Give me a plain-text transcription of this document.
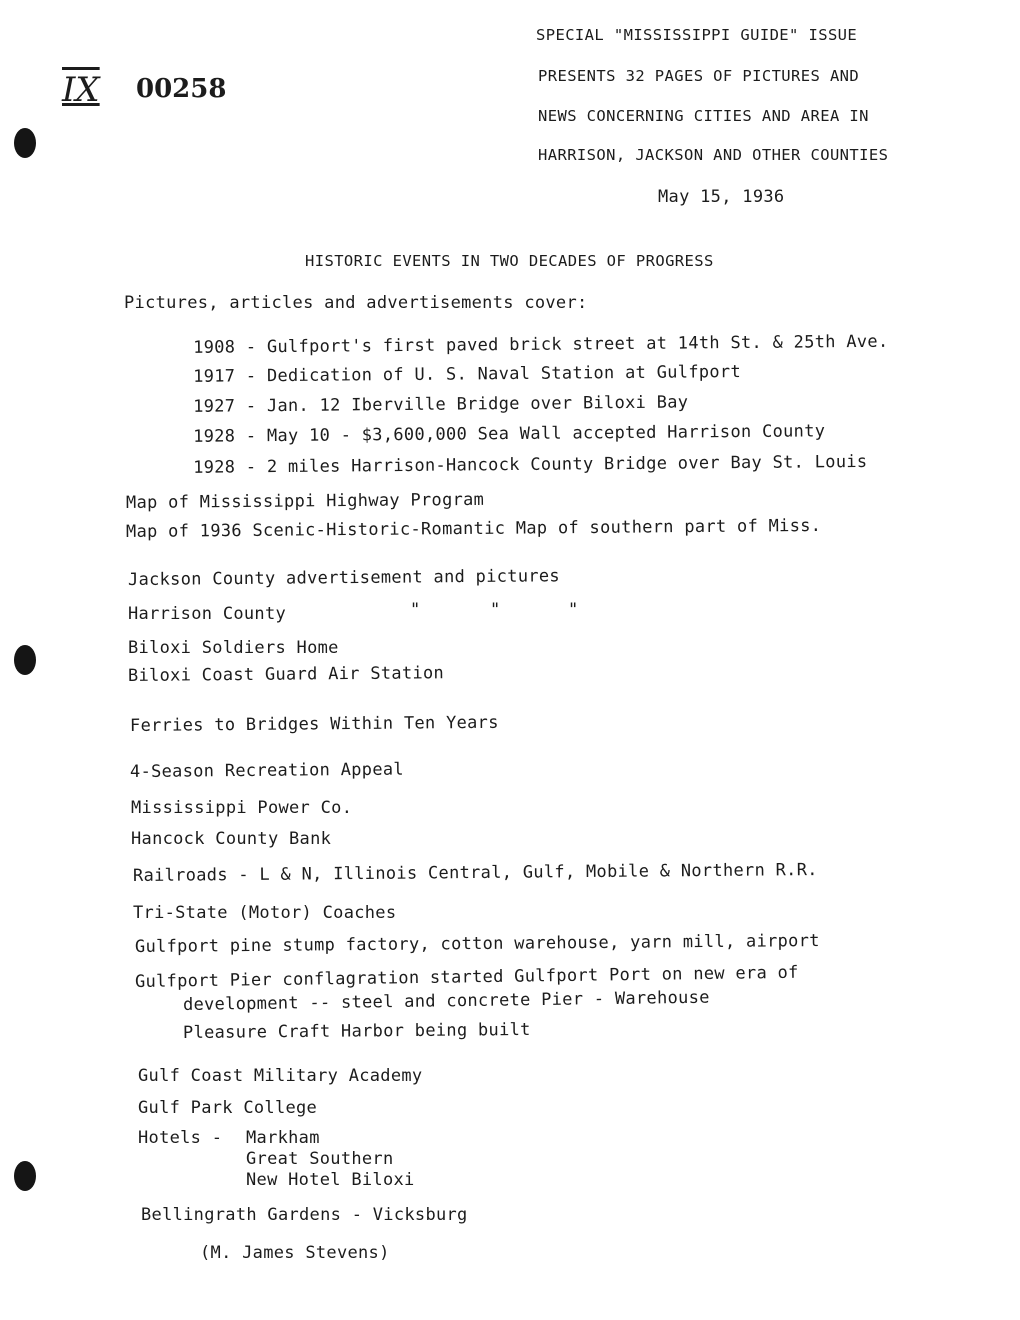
IX 00258
SPECIAL "MISSISSIPPI GUIDE" ISSUE
PRESENTS 32 PAGES OF PICTURES AND
NEWS CONCERNING CITIES AND AREA IN
HARRISON, JACKSON AND OTHER COUNTIES
May 15, 1936
HISTORIC EVENTS IN TWO DECADES OF PROGRESS
Pictures, articles and advertisements cover:

1908 - Gulfport's first paved brick street at 14th St. & 25th Ave.

1917 - Dedication of U. S. Naval Station at Gulfport

1927 - Jan. 12 Iberville Bridge over Biloxi Bay

1928 - May 10 - $3,600,000 Sea Wall accepted Harrison County

1928 - 2 miles Harrison-Hancock County Bridge over Bay St. Louis

Map of Mississippi Highway Program
Map of 1936 Scenic-Historic-Romantic Map of southern part of Miss.
Jackson County advertisement and pictures
Harrison County	"	"	"
Biloxi Soldiers Home
Biloxi Coast Guard Air Station
Ferries to Bridges Within Ten Years
4-Season Recreation Appeal
Mississippi Power Co.
Hancock County Bank
Railroads - L & N, Illinois Central, Gulf, Mobile & Northern R.R.
Tri-State (Motor) Coaches
Gulfport pine stump factory, cotton warehouse, yarn mill, airport
Gulfport Pier conflagration started Gulfport Port on new era of
development -- steel and concrete Pier - Warehouse
Pleasure Craft Harbor being built
Gulf Coast Military Academy
Gulf Park College
Hotels - Markham
Great Southern
New Hotel Biloxi
Bellingrath Gardens - Vicksburg
(M. James Stevens)
